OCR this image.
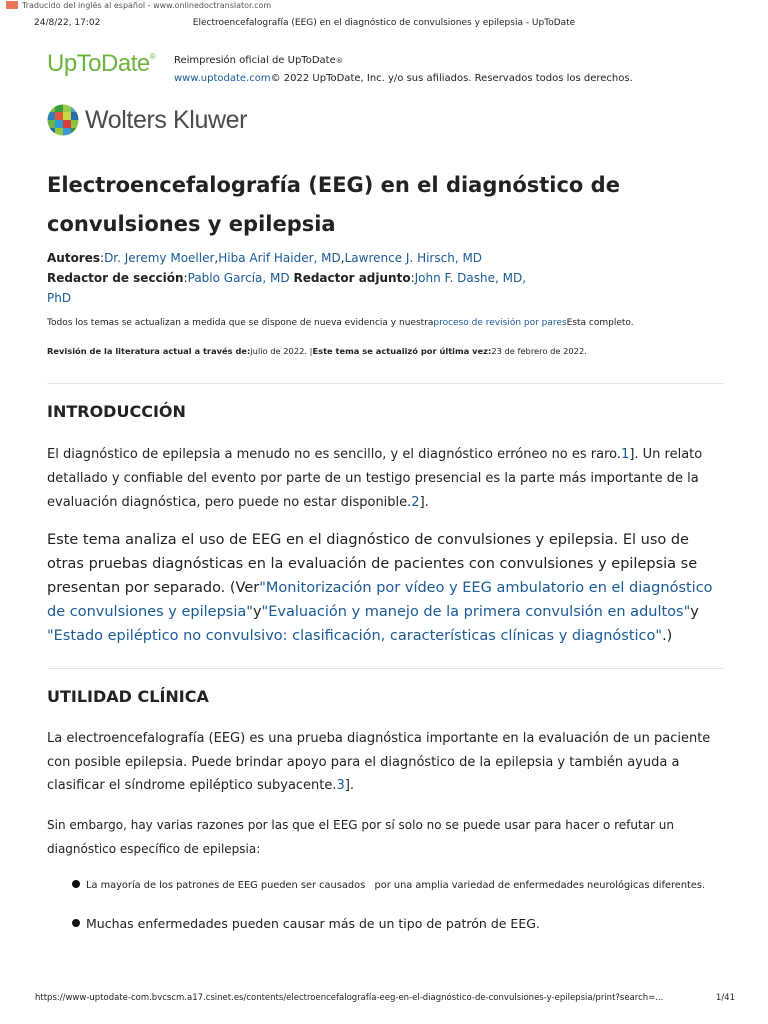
Traducido del inglés al español - www.onlinedoctranslator.com
24/8/22, 17:02	Electroencefalografía (EEG) en el diagnóstico de convulsiones y epilepsia - UpToDate
UpToDate® Reimpresión oficial de UpToDate®
www.uptodate.com© 2022 UpToDate, Inc. y/o sus afiliados. Reservados todos los derechos.
Wolters Kluwer
Electroencefalografía (EEG) en el diagnóstico de convulsiones y epilepsia
Autores:Dr. Jeremy Moeller,Hiba Arif Haider, MD,Lawrence J. Hirsch, MD Redactor de sección:Pablo García, MD Redactor adjunto:John F. Dashe, MD, PhD
Todos los temas se actualizan a medida que se dispone de nueva evidencia y nuestraproceso de revisión por paresEsta completo.
Revisión de la literatura actual a través de:julio de 2022. |Este tema se actualizó por última vez:23 de febrero de 2022.
INTRODUCCIÓN

El diagnóstico de epilepsia a menudo no es sencillo, y el diagnóstico erróneo no es raro.1]. Un relato detallado y confiable del evento por parte de un testigo presencial es la parte más importante de la evaluación diagnóstica, pero puede no estar disponible.2].

Este tema analiza el uso de EEG en el diagnóstico de convulsiones y epilepsia. El uso de otras pruebas diagnósticas en la evaluación de pacientes con convulsiones y epilepsia se presentan por separado. (Ver"Monitorización por vídeo y EEG ambulatorio en el diagnóstico de convulsiones y epilepsia"y"Evaluación y manejo de la primera convulsión en adultos"y "Estado epiléptico no convulsivo: clasificación, características clínicas y diagnóstico".)

UTILIDAD CLÍNICA

La electroencefalografía (EEG) es una prueba diagnóstica importante en la evaluación de un paciente con posible epilepsia. Puede brindar apoyo para el diagnóstico de la epilepsia y también ayuda a clasificar el síndrome epiléptico subyacente.3].

Sin embargo, hay varias razones por las que el EEG por sí solo no se puede usar para hacer o refutar un diagnóstico específico de epilepsia:

La mayoría de los patrones de EEG pueden ser causados   por una amplia variedad de enfermedades neurológicas diferentes.
Muchas enfermedades pueden causar más de un tipo de patrón de EEG.
https://www-uptodate-com.bvcscm.a17.csinet.es/contents/electroencefalografía-eeg-en-el-diagnóstico-de-convulsiones-y-epilepsia/print?search=...	1/41
